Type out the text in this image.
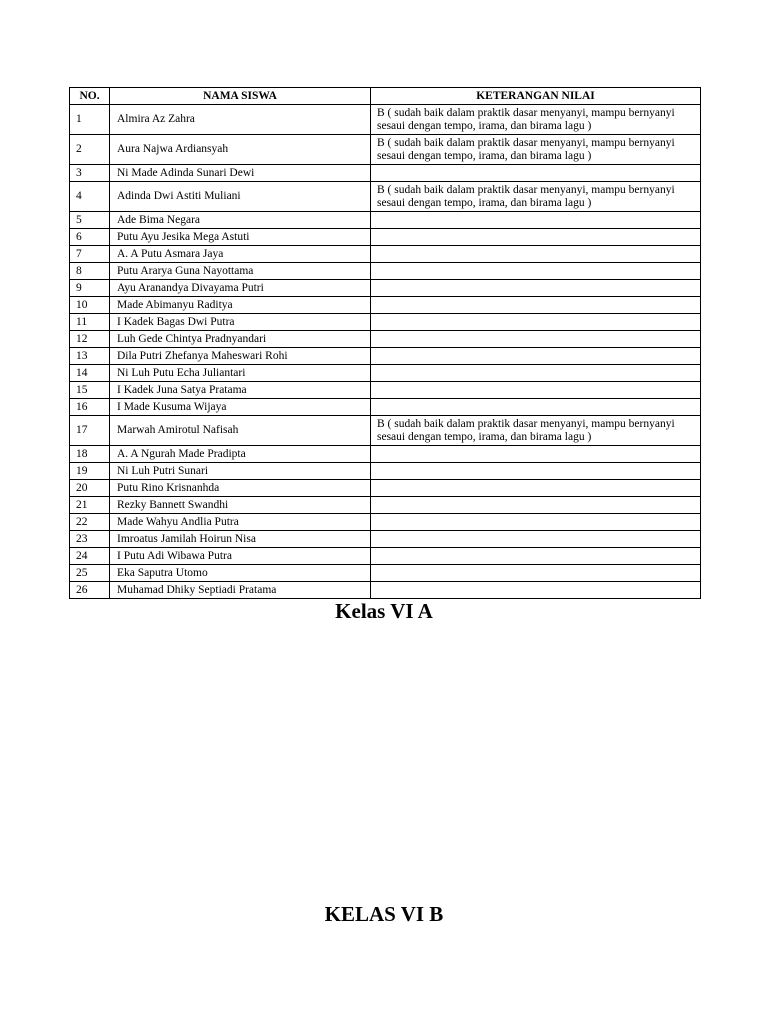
NO.	NAMA SISWA	KETERANGAN NILAI
1	Almira Az Zahra	B ( sudah baik dalam praktik dasar menyanyi, mampu bernyanyi sesaui dengan tempo, irama, dan birama lagu )
2	Aura Najwa Ardiansyah	B ( sudah baik dalam praktik dasar menyanyi, mampu bernyanyi sesaui dengan tempo, irama, dan birama lagu )
3	Ni Made Adinda Sunari Dewi	
4	Adinda Dwi Astiti Muliani	B ( sudah baik dalam praktik dasar menyanyi, mampu bernyanyi sesaui dengan tempo, irama, dan birama lagu )
5	Ade Bima Negara	
6	Putu Ayu Jesika Mega Astuti	
7	A. A Putu Asmara Jaya	
8	Putu Ararya Guna Nayottama	
9	Ayu Aranandya Divayama Putri	
10	Made Abimanyu Raditya	
11	I Kadek Bagas Dwi Putra	
12	Luh Gede Chintya Pradnyandari	
13	Dila Putri Zhefanya Maheswari Rohi	
14	Ni Luh Putu Echa Juliantari	
15	I Kadek Juna Satya Pratama	
16	I Made Kusuma Wijaya	
17	Marwah Amirotul Nafisah	B ( sudah baik dalam praktik dasar menyanyi, mampu bernyanyi sesaui dengan tempo, irama, dan birama lagu )
18	A. A Ngurah Made Pradipta	
19	Ni Luh Putri Sunari	
20	Putu Rino Krisnanhda	
21	Rezky Bannett Swandhi	
22	Made Wahyu Andlia Putra	
23	Imroatus Jamilah Hoirun Nisa	
24	I Putu Adi Wibawa Putra	
25	Eka Saputra Utomo	
26	Muhamad Dhiky Septiadi Pratama	
Kelas VI A
KELAS VI B
